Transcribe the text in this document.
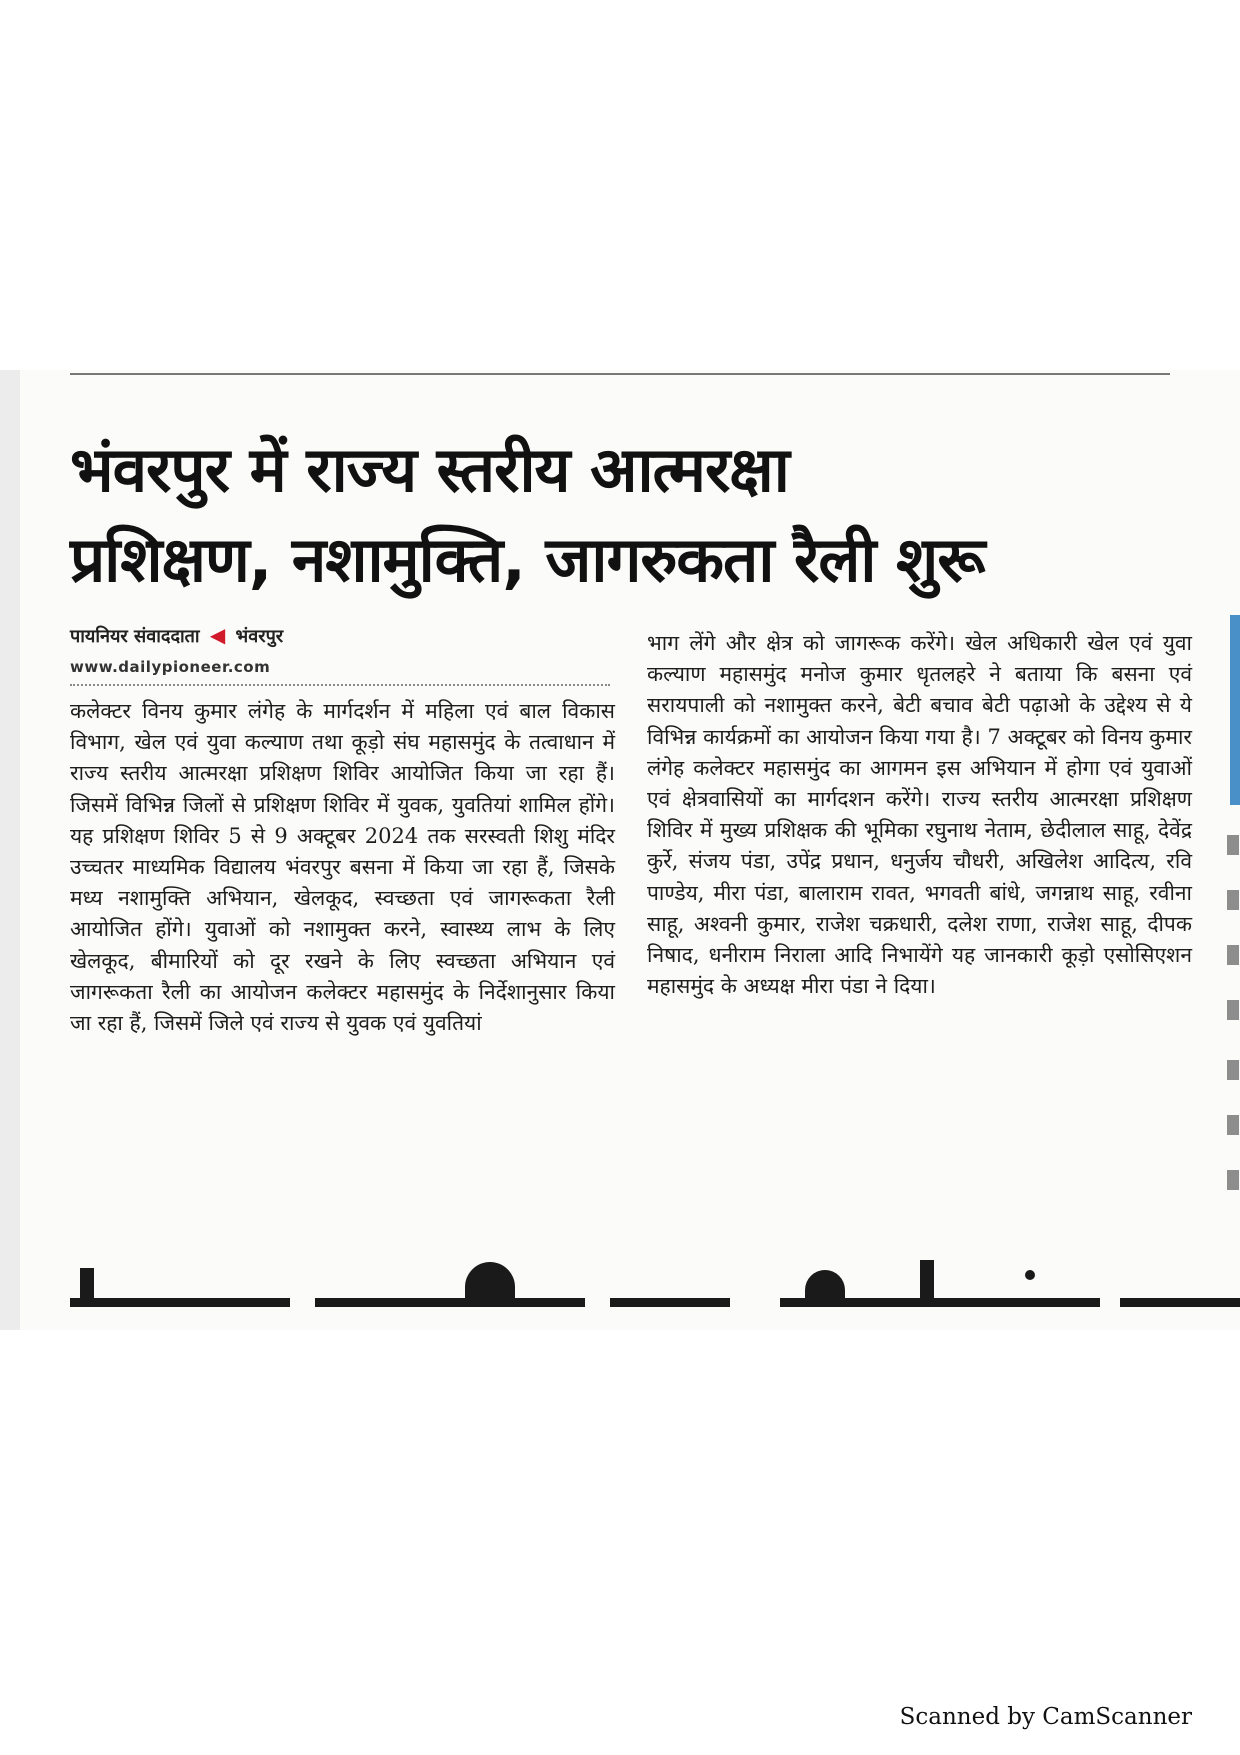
भंवरपुर में राज्य स्तरीय आत्मरक्षा
प्रशिक्षण, नशामुक्ति, जागरुकता रैली शुरू
पायनियर संवाददाता ◀ भंवरपुर
www.dailypioneer.com
कलेक्टर विनय कुमार लंगेह के मार्गदर्शन में महिला एवं बाल विकास विभाग, खेल एवं युवा कल्याण तथा कूड़ो संघ महासमुंद के तत्वाधान में राज्य स्तरीय आत्मरक्षा प्रशिक्षण शिविर आयोजित किया जा रहा हैं। जिसमें विभिन्न जिलों से प्रशिक्षण शिविर में युवक, युवतियां शामिल होंगे। यह प्रशिक्षण शिविर 5 से 9 अक्टूबर 2024 तक सरस्वती शिशु मंदिर उच्चतर माध्यमिक विद्यालय भंवरपुर बसना में किया जा रहा हैं, जिसके मध्य नशामुक्ति अभियान, खेलकूद, स्वच्छता एवं जागरूकता रैली आयोजित होंगे। युवाओं को नशामुक्त करने, स्वास्थ्य लाभ के लिए खेलकूद, बीमारियों को दूर रखने के लिए स्वच्छता अभियान एवं जागरूकता रैली का आयोजन कलेक्टर महासमुंद के निर्देशानुसार किया जा रहा हैं, जिसमें जिले एवं राज्य से युवक एवं युवतियां
भाग लेंगे और क्षेत्र को जागरूक करेंगे। खेल अधिकारी खेल एवं युवा कल्याण महासमुंद मनोज कुमार धृतलहरे ने बताया कि बसना एवं सरायपाली को नशामुक्त करने, बेटी बचाव बेटी पढ़ाओ के उद्देश्य से ये विभिन्न कार्यक्रमों का आयोजन किया गया है। 7 अक्टूबर को विनय कुमार लंगेह कलेक्टर महासमुंद का आगमन इस अभियान में होगा एवं युवाओं एवं क्षेत्रवासियों का मार्गदशन करेंगे। राज्य स्तरीय आत्मरक्षा प्रशिक्षण शिविर में मुख्य प्रशिक्षक की भूमिका रघुनाथ नेताम, छेदीलाल साहू, देवेंद्र कुर्रे, संजय पंडा, उपेंद्र प्रधान, धनुर्जय चौधरी, अखिलेश आदित्य, रवि पाण्डेय, मीरा पंडा, बालाराम रावत, भगवती बांधे, जगन्नाथ साहू, रवीना साहू, अश्वनी कुमार, राजेश चक्रधारी, दलेश राणा, राजेश साहू, दीपक निषाद, धनीराम निराला आदि निभायेंगे यह जानकारी कूड़ो एसोसिएशन महासमुंद के अध्यक्ष मीरा पंडा ने दिया।
Scanned by CamScanner
